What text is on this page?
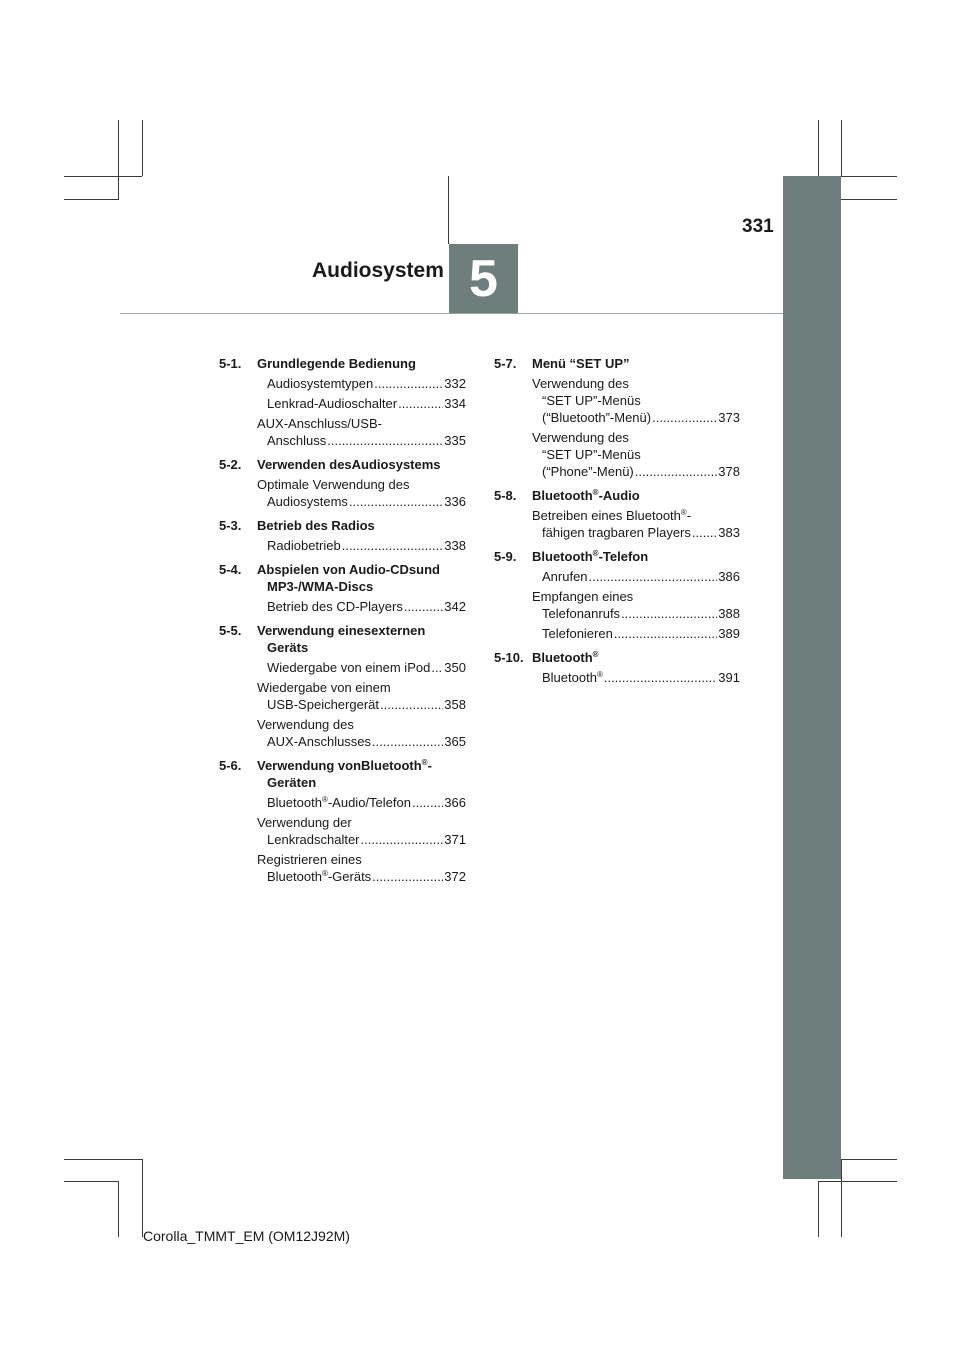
331
Audiosystem 5
5-1. Grundlegende Bedienung
Audiosystemtypen .....	332
Lenkrad-Audioschalter .....	334
AUX-Anschluss/USB-
Anschluss .....	335
5-2. Verwenden desAudiosystems
Optimale Verwendung des
Audiosystems .....	336
5-3. Betrieb des Radios
Radiobetrieb .....	338
5-4. Abspielen von Audio-CDsund MP3-/WMA-Discs
Betrieb des CD-Players .....	342
5-5. Verwendung einesexternen Geräts
Wiedergabe von einem iPod ..... 350
Wiedergabe von einem
USB-Speichergerät .....	358
Verwendung des
AUX-Anschlusses .....	365
5-6. Verwendung vonBluetooth®-Geräten
Bluetooth®-Audio/Telefon .....	366
Verwendung der
Lenkradschalter .....	371
Registrieren eines
Bluetooth®-Geräts .....	372
5-7. Menü “SET UP”
Verwendung des
“SET UP”-Menüs
(“Bluetooth”-Menü) .....	373
Verwendung des
“SET UP”-Menüs
(“Phone”-Menü) .....	378
5-8. Bluetooth®-Audio
Betreiben eines Bluetooth®-
fähigen tragbaren Players ..... 383
5-9. Bluetooth®-Telefon
Anrufen .....	386
Empfangen eines
Telefonanrufs .....	388
Telefonieren .....	389
5-10. Bluetooth®
Bluetooth® .....	391
Corolla_TMMT_EM (OM12J92M)
